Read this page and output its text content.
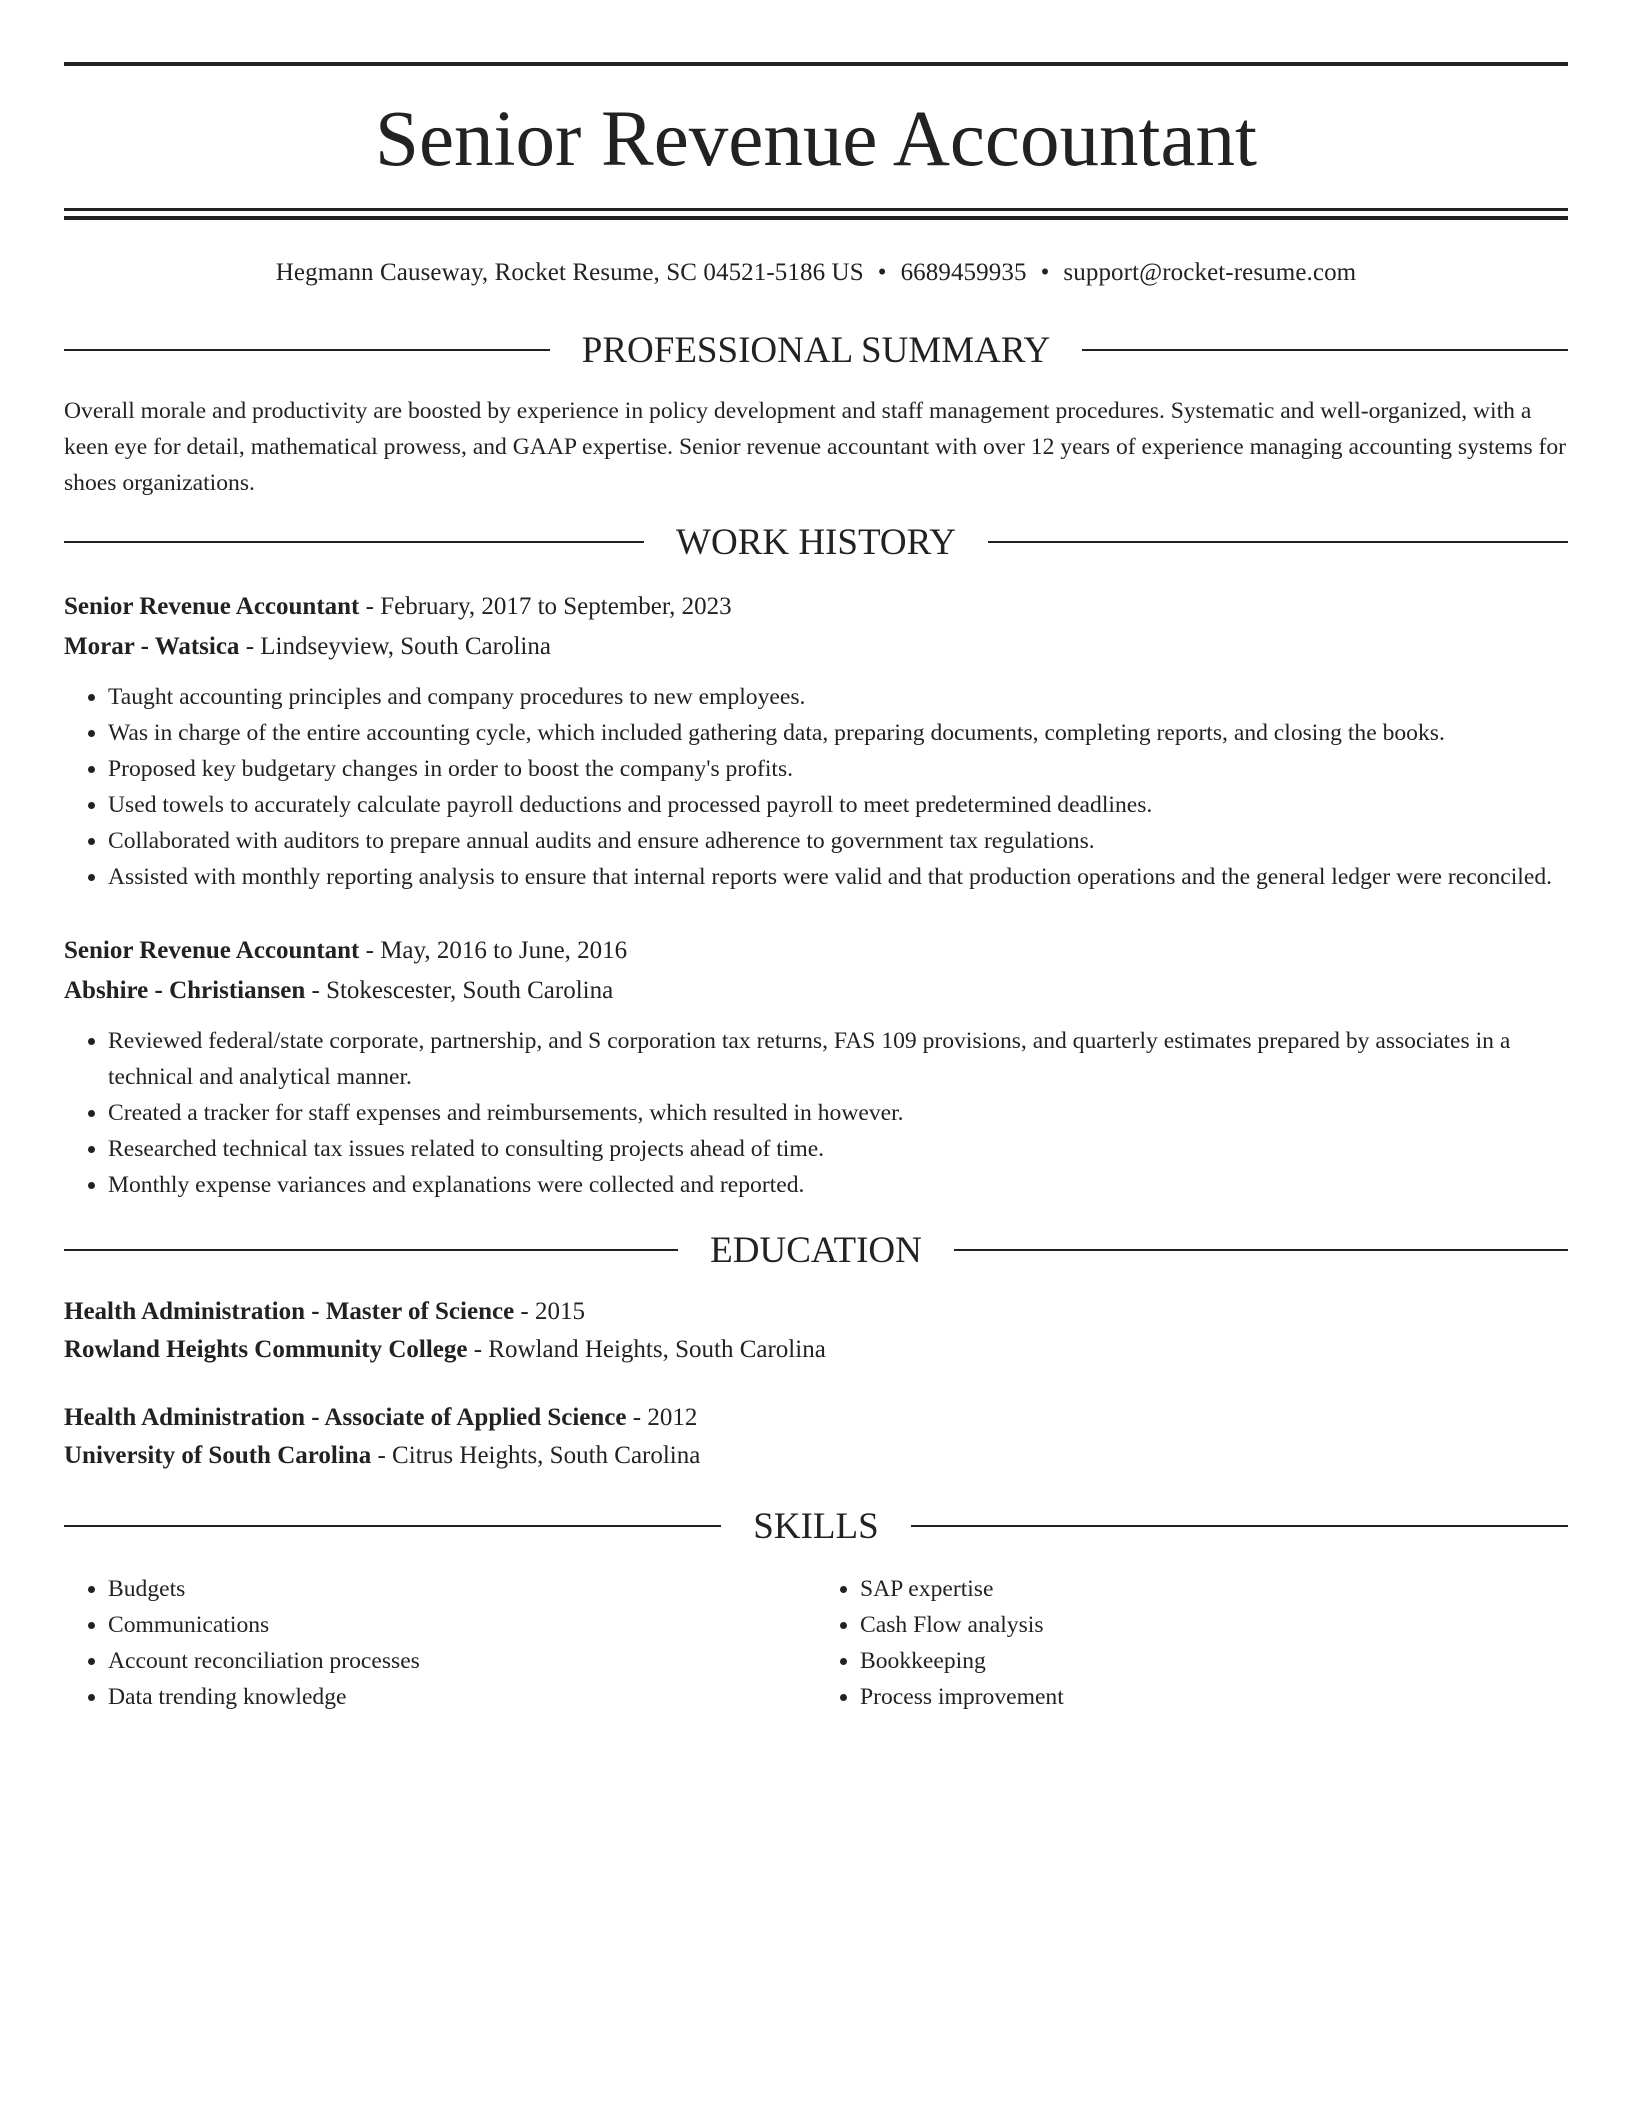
Senior Revenue Accountant
Hegmann Causeway, Rocket Resume, SC 04521-5186 US • 6689459935 • support@rocket-resume.com
PROFESSIONAL SUMMARY
Overall morale and productivity are boosted by experience in policy development and staff management procedures. Systematic and well-organized, with a keen eye for detail, mathematical prowess, and GAAP expertise. Senior revenue accountant with over 12 years of experience managing accounting systems for shoes organizations.
WORK HISTORY
Senior Revenue Accountant - February, 2017 to September, 2023
Morar - Watsica - Lindseyview, South Carolina
• Taught accounting principles and company procedures to new employees.
• Was in charge of the entire accounting cycle, which included gathering data, preparing documents, completing reports, and closing the books.
• Proposed key budgetary changes in order to boost the company's profits.
• Used towels to accurately calculate payroll deductions and processed payroll to meet predetermined deadlines.
• Collaborated with auditors to prepare annual audits and ensure adherence to government tax regulations.
• Assisted with monthly reporting analysis to ensure that internal reports were valid and that production operations and the general ledger were reconciled.
Senior Revenue Accountant - May, 2016 to June, 2016
Abshire - Christiansen - Stokescester, South Carolina
• Reviewed federal/state corporate, partnership, and S corporation tax returns, FAS 109 provisions, and quarterly estimates prepared by associates in a technical and analytical manner.
• Created a tracker for staff expenses and reimbursements, which resulted in however.
• Researched technical tax issues related to consulting projects ahead of time.
• Monthly expense variances and explanations were collected and reported.
EDUCATION
Health Administration - Master of Science - 2015
Rowland Heights Community College - Rowland Heights, South Carolina
Health Administration - Associate of Applied Science - 2012
University of South Carolina - Citrus Heights, South Carolina
SKILLS
• Budgets
• Communications
• Account reconciliation processes
• Data trending knowledge
• SAP expertise
• Cash Flow analysis
• Bookkeeping
• Process improvement
